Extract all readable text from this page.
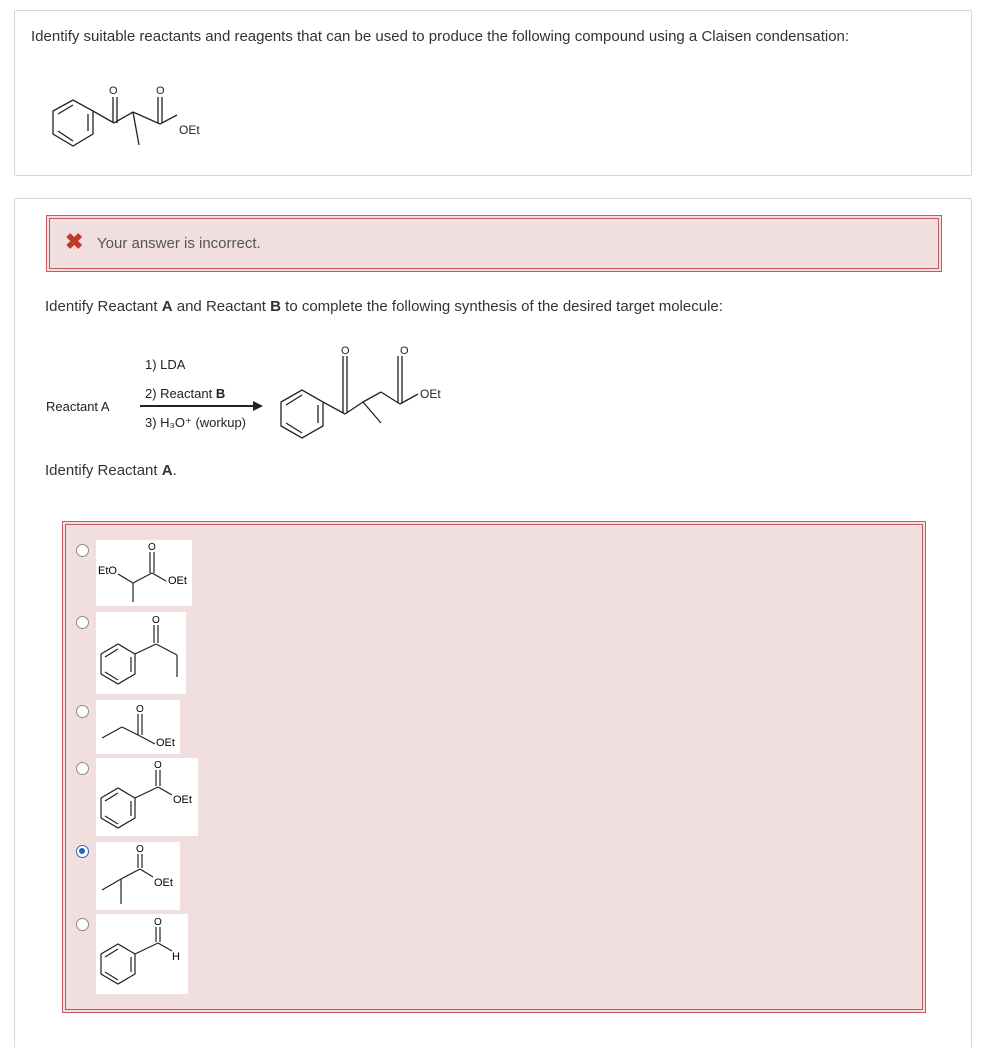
Identify suitable reactants and reagents that can be used to produce the following compound using a Claisen condensation:
O	O
OEt
✖ Your answer is incorrect.
Identify Reactant A and Reactant B to complete the following synthesis of the desired target molecule:
Reactant A
1) LDA
2) Reactant B
3) H₃O⁺ (workup)
O	O
OEt
Identify Reactant A.
O
EtO
OEt
O
O
OEt
O
OEt
O
OEt
O
H
